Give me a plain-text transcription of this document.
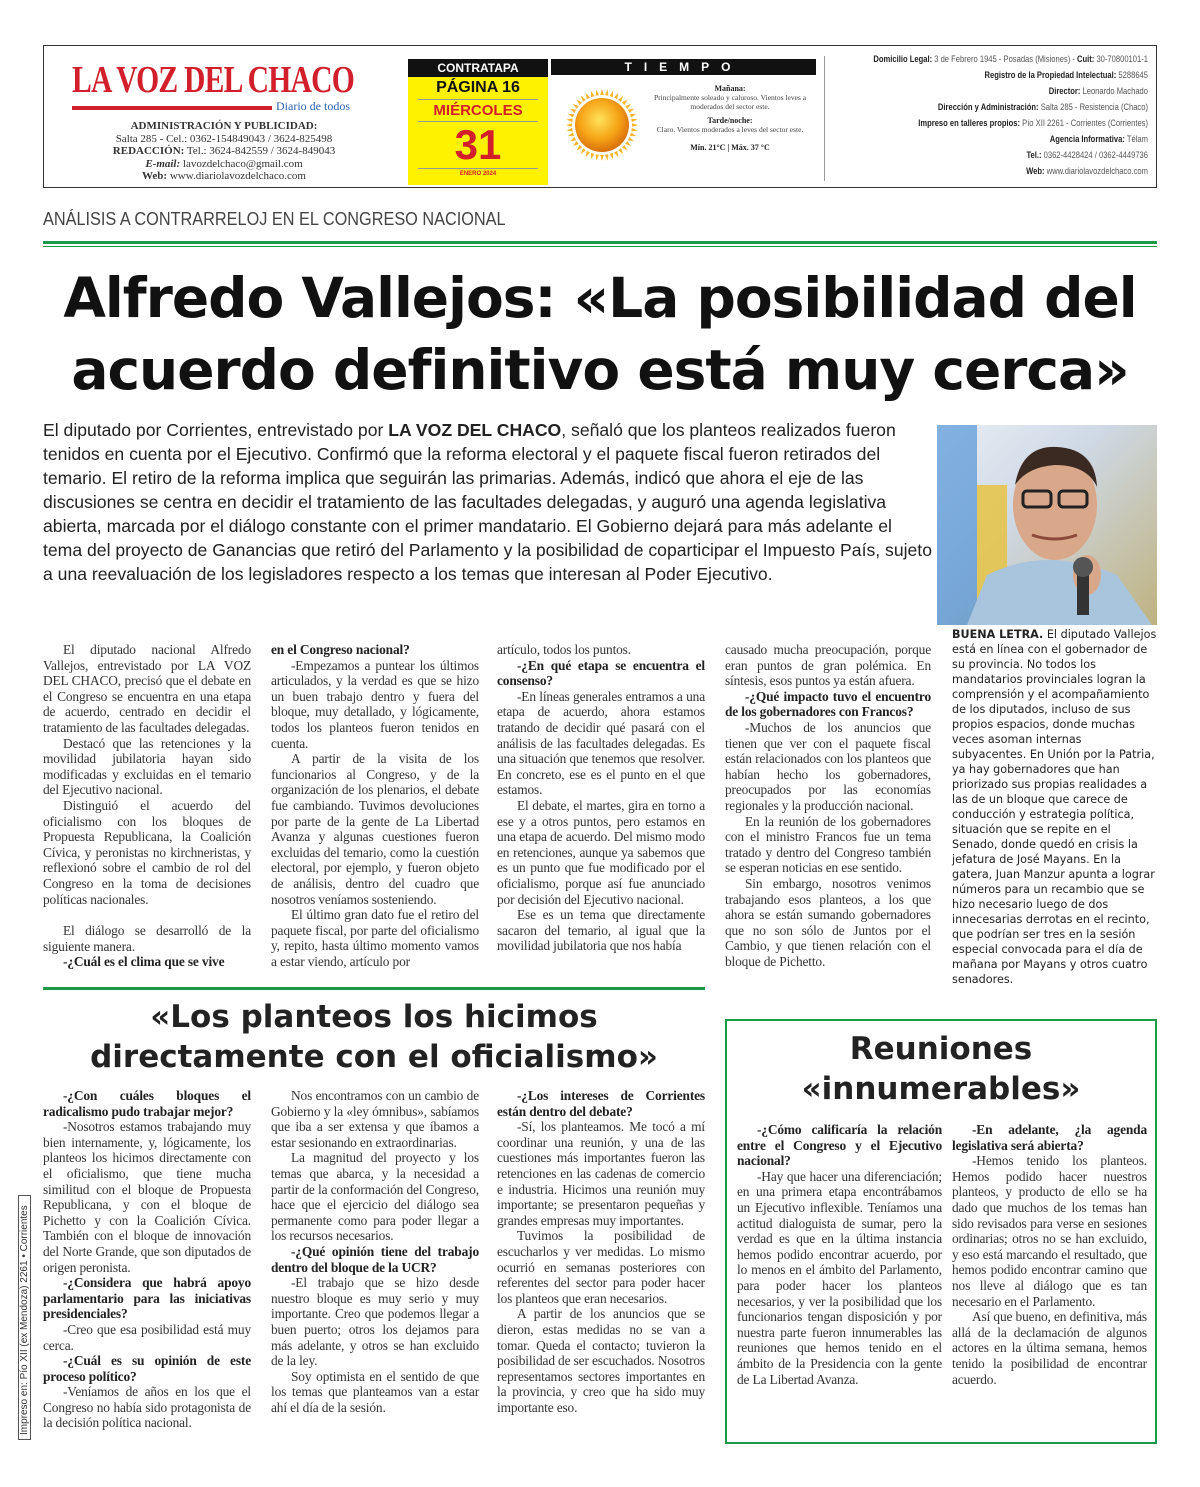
LA VOZ DEL CHACO
Diario de todos
ADMINISTRACIÓN Y PUBLICIDAD:
Salta 285 - Cel.: 0362-154849043 / 3624-825498
REDACCIÓN: Tel.: 3624-842559 / 3624-849043
E-mail: lavozdelchaco@gmail.com
Web: www.diariolavozdelchaco.com
CONTRATAPA
PÁGINA 16
MIÉRCOLES
31
ENERO 2024
TIEMPO
Mañana:
Principalmente soleado y caluroso. Vientos leves a moderados del sector este.
Tarde/noche:
Claro. Vientos moderados a leves del sector este.
Mín. 21°C | Máx. 37 °C
Domicilio Legal: 3 de Febrero 1945 - Posadas (Misiones) - Cuit: 30-70800101-1
Registro de la Propiedad Intelectual: 5288645
Director: Leonardo Machado
Dirección y Administración: Salta 285 - Resistencia (Chaco)
Impreso en talleres propios: Pío XII 2261 - Corrientes (Corrientes)
Agencia Informativa: Télam
Tel.: 0362-4428424 / 0362-4449736
Web: www.diariolavozdelchaco.com
ANÁLISIS A CONTRARRELOJ EN EL CONGRESO NACIONAL
Alfredo Vallejos: «La posibilidad del
acuerdo definitivo está muy cerca»

El diputado por Corrientes, entrevistado por LA VOZ DEL CHACO, señaló que los planteos realizados fueron tenidos en cuenta por el Ejecutivo. Confirmó que la reforma electoral y el paquete fiscal fueron retirados del temario. El retiro de la reforma implica que seguirán las primarias. Además, indicó que ahora el eje de las discusiones se centra en decidir el tratamiento de las facultades delegadas, y auguró una agenda legislativa abierta, marcada por el diálogo constante con el primer mandatario. El Gobierno dejará para más adelante el tema del proyecto de Ganancias que retiró del Parlamento y la posibilidad de coparticipar el Impuesto País, sujeto a una reevaluación de los legisladores respecto a los temas que interesan al Poder Ejecutivo.

BUENA LETRA. El diputado Vallejos está en línea con el gobernador de su provincia. No todos los mandatarios provinciales logran la comprensión y el acompañamiento de los diputados, incluso de sus propios espacios, donde muchas veces asoman internas subyacentes. En Unión por la Patria, ya hay gobernadores que han priorizado sus propias realidades a las de un bloque que carece de conducción y estrategia política, situación que se repite en el Senado, donde quedó en crisis la jefatura de José Mayans. En la gatera, Juan Manzur apunta a lograr números para un recambio que se hizo necesario luego de dos innecesarias derrotas en el recinto, que podrían ser tres en la sesión especial convocada para el día de mañana por Mayans y otros cuatro senadores.

El diputado nacional Alfredo Vallejos, entrevistado por LA VOZ DEL CHACO, precisó que el debate en el Congreso se encuentra en una etapa de acuerdo, centrado en decidir el tratamiento de las facultades delegadas.

Destacó que las retenciones y la movilidad jubilatoria hayan sido modificadas y excluidas en el temario del Ejecutivo nacional.

Distinguió el acuerdo del oficialismo con los bloques de Propuesta Republicana, la Coalición Cívica, y peronistas no kirchneristas, y reflexionó sobre el cambio de rol del Congreso en la toma de decisiones políticas nacionales.

El diálogo se desarrolló de la siguiente manera.

-¿Cuál es el clima que se vive

en el Congreso nacional?

-Empezamos a puntear los últimos articulados, y la verdad es que se hizo un buen trabajo dentro y fuera del bloque, muy detallado, y lógicamente, todos los planteos fueron tenidos en cuenta.

A partir de la visita de los funcionarios al Congreso, y de la organización de los plenarios, el debate fue cambiando. Tuvimos devoluciones por parte de la gente de La Libertad Avanza y algunas cuestiones fueron excluidas del temario, como la cuestión electoral, por ejemplo, y fueron objeto de análisis, dentro del cuadro que nosotros veníamos sosteniendo.

El último gran dato fue el retiro del paquete fiscal, por parte del oficialismo y, repito, hasta último momento vamos a estar viendo, artículo por

artículo, todos los puntos.

-¿En qué etapa se encuentra el consenso?

-En líneas generales entramos a una etapa de acuerdo, ahora estamos tratando de decidir qué pasará con el análisis de las facultades delegadas. Es una situación que tenemos que resolver. En concreto, ese es el punto en el que estamos.

El debate, el martes, gira en torno a ese y a otros puntos, pero estamos en una etapa de acuerdo. Del mismo modo en retenciones, aunque ya sabemos que es un punto que fue modificado por el oficialismo, porque así fue anunciado por decisión del Ejecutivo nacional.

Ese es un tema que directamente sacaron del temario, al igual que la movilidad jubilatoria que nos había

causado mucha preocupación, porque eran puntos de gran polémica. En síntesis, esos puntos ya están afuera.

-¿Qué impacto tuvo el encuentro de los gobernadores con Francos?

-Muchos de los anuncios que tienen que ver con el paquete fiscal están relacionados con los planteos que habían hecho los gobernadores, preocupados por las economías regionales y la producción nacional.

En la reunión de los gobernadores con el ministro Francos fue un tema tratado y dentro del Congreso también se esperan noticias en ese sentido.

Sin embargo, nosotros venimos trabajando esos planteos, a los que ahora se están sumando gobernadores que no son sólo de Juntos por el Cambio, y que tienen relación con el bloque de Pichetto.

«Los planteos los hicimos directamente con el oficialismo»

-¿Con cuáles bloques el radicalismo pudo trabajar mejor?

-Nosotros estamos trabajando muy bien internamente, y, lógicamente, los planteos los hicimos directamente con el oficialismo, que tiene mucha similitud con el bloque de Propuesta Republicana, y con el bloque de Pichetto y con la Coalición Cívica. También con el bloque de innovación del Norte Grande, que son diputados de origen peronista.

-¿Considera que habrá apoyo parlamentario para las iniciativas presidenciales?

-Creo que esa posibilidad está muy cerca.

-¿Cuál es su opinión de este proceso político?

-Veníamos de años en los que el Congreso no había sido protagonista de la decisión política nacional.

Nos encontramos con un cambio de Gobierno y la «ley ómnibus», sabíamos que iba a ser extensa y que íbamos a estar sesionando en extraordinarias.

La magnitud del proyecto y los temas que abarca, y la necesidad a partir de la conformación del Congreso, hace que el ejercicio del diálogo sea permanente como para poder llegar a los recursos necesarios.

-¿Qué opinión tiene del trabajo dentro del bloque de la UCR?

-El trabajo que se hizo desde nuestro bloque es muy serio y muy importante. Creo que podemos llegar a buen puerto; otros los dejamos para más adelante, y otros se han excluido de la ley.

Soy optimista en el sentido de que los temas que planteamos van a estar ahí el día de la sesión.

-¿Los intereses de Corrientes están dentro del debate?

-Sí, los planteamos. Me tocó a mí coordinar una reunión, y una de las cuestiones más importantes fueron las retenciones en las cadenas de comercio e industria. Hicimos una reunión muy importante; se presentaron pequeñas y grandes empresas muy importantes.

Tuvimos la posibilidad de escucharlos y ver medidas. Lo mismo ocurrió en semanas posteriores con referentes del sector para poder hacer los planteos que eran necesarios.

A partir de los anuncios que se dieron, estas medidas no se van a tomar. Queda el contacto; tuvieron la posibilidad de ser escuchados. Nosotros representamos sectores importantes en la provincia, y creo que ha sido muy importante eso.

Reuniones «innumerables»

-¿Cómo calificaría la relación entre el Congreso y el Ejecutivo nacional?

-Hay que hacer una diferenciación; en una primera etapa encontrábamos un Ejecutivo inflexible. Teníamos una actitud dialoguista de sumar, pero la verdad es que en la última instancia hemos podido encontrar acuerdo, por lo menos en el ámbito del Parlamento, para poder hacer los planteos necesarios, y ver la posibilidad que los funcionarios tengan disposición y por nuestra parte fueron innumerables las reuniones que hemos tenido en el ámbito de la Presidencia con la gente de La Libertad Avanza.

-En adelante, ¿la agenda legislativa será abierta?

-Hemos tenido los planteos. Hemos podido hacer nuestros planteos, y producto de ello se ha dado que muchos de los temas han sido revisados para verse en sesiones ordinarias; otros no se han excluido, y eso está marcando el resultado, que hemos podido encontrar camino que nos lleve al diálogo que es tan necesario en el Parlamento.

Así que bueno, en definitiva, más allá de la declamación de algunos actores en la última semana, hemos tenido la posibilidad de encontrar acuerdo.

Impreso en: Pío XII (ex Mendoza) 2261 • Corrientes
